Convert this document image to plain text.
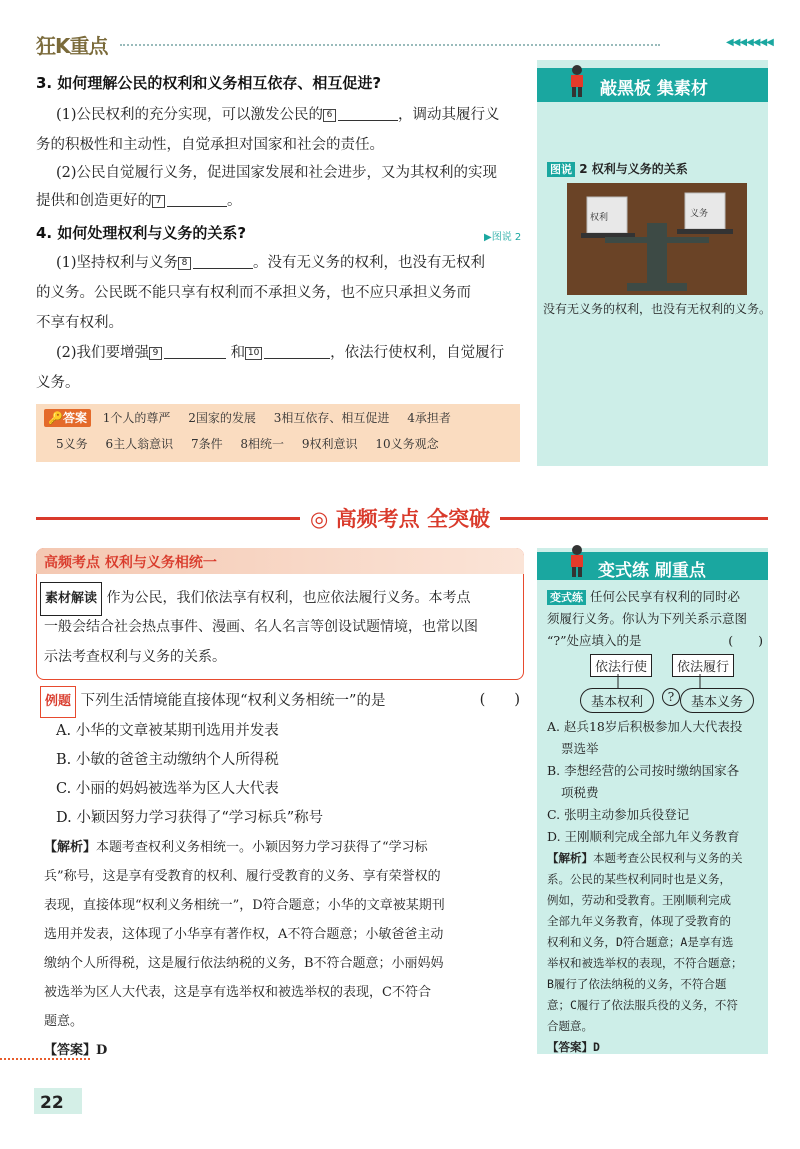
狂K重点	◀◀◀◀◀◀◀
3. 如何理解公民的权利和义务相互依存、相互促进?
(1)公民权利的充分实现，可以激发公民的 6	，调动其履行义
务的积极性和主动性，自觉承担对国家和社会的责任。
(2)公民自觉履行义务，促进国家发展和社会进步，又为其权利的实现
提供和创造更好的 7	。
4. 如何处理权利与义务的关系?	▶图说 2
(1)坚持权利与义务 8	。没有无义务的权利，也没有无权利
的义务。公民既不能只享有权利而不承担义务，也不应只承担义务而
不享有权利。
(2)我们要增强 9	和 10	，依法行使权利，自觉履行
义务。
🔑答案 1个人的尊严 2国家的发展 3相互依存、相互促进 4承担者
5义务 6主人翁意识 7条件 8相统一 9权利意识 10义务观念
敲黑板 集素材
图说 2 权利与义务的关系
权利	义务
没有无义务的权利，也没有无权利的义务。
◎ 高频考点 全突破
高频考点 权利与义务相统一
素材解读 作为公民，我们依法享有权利，也应依法履行义务。本考点
一般会结合社会热点事件、漫画、名人名言等创设试题情境，也常以图
示法考查权利与义务的关系。
例题 下列生活情境能直接体现“权利义务相统一”的是	(　　)
A. 小华的文章被某期刊选用并发表
B. 小敏的爸爸主动缴纳个人所得税
C. 小丽的妈妈被选举为区人大代表
D. 小颖因努力学习获得了“学习标兵”称号
【解析】本题考查权利义务相统一。小颖因努力学习获得了“学习标
兵”称号，这是享有受教育的权利、履行受教育的义务、享有荣誉权的
表现，直接体现“权利义务相统一”，D符合题意；小华的文章被某期刊
选用并发表，这体现了小华享有著作权，A不符合题意；小敏爸爸主动
缴纳个人所得税，这是履行依法纳税的义务，B不符合题意；小丽妈妈
被选举为区人大代表，这是享有选举权和被选举权的表现，C不符合
题意。
【答案】D
变式练 刷重点
变式练 任何公民享有权利的同时必
须履行义务。你认为下列关系示意图
“?”处应填入的是	(　　)
依法行使	依法履行
基本权利	?	基本义务
A. 赵兵18岁后积极参加人大代表投
票选举
B. 李想经营的公司按时缴纳国家各
项税费
C. 张明主动参加兵役登记
D. 王刚顺利完成全部九年义务教育
【解析】本题考查公民权利与义务的关
系。公民的某些权利同时也是义务，
例如，劳动和受教育。王刚顺利完成
全部九年义务教育，体现了受教育的
权利和义务，D符合题意；A是享有选
举权和被选举权的表现，不符合题意；
B履行了依法纳税的义务，不符合题
意；C履行了依法服兵役的义务，不符
合题意。
【答案】D
22
